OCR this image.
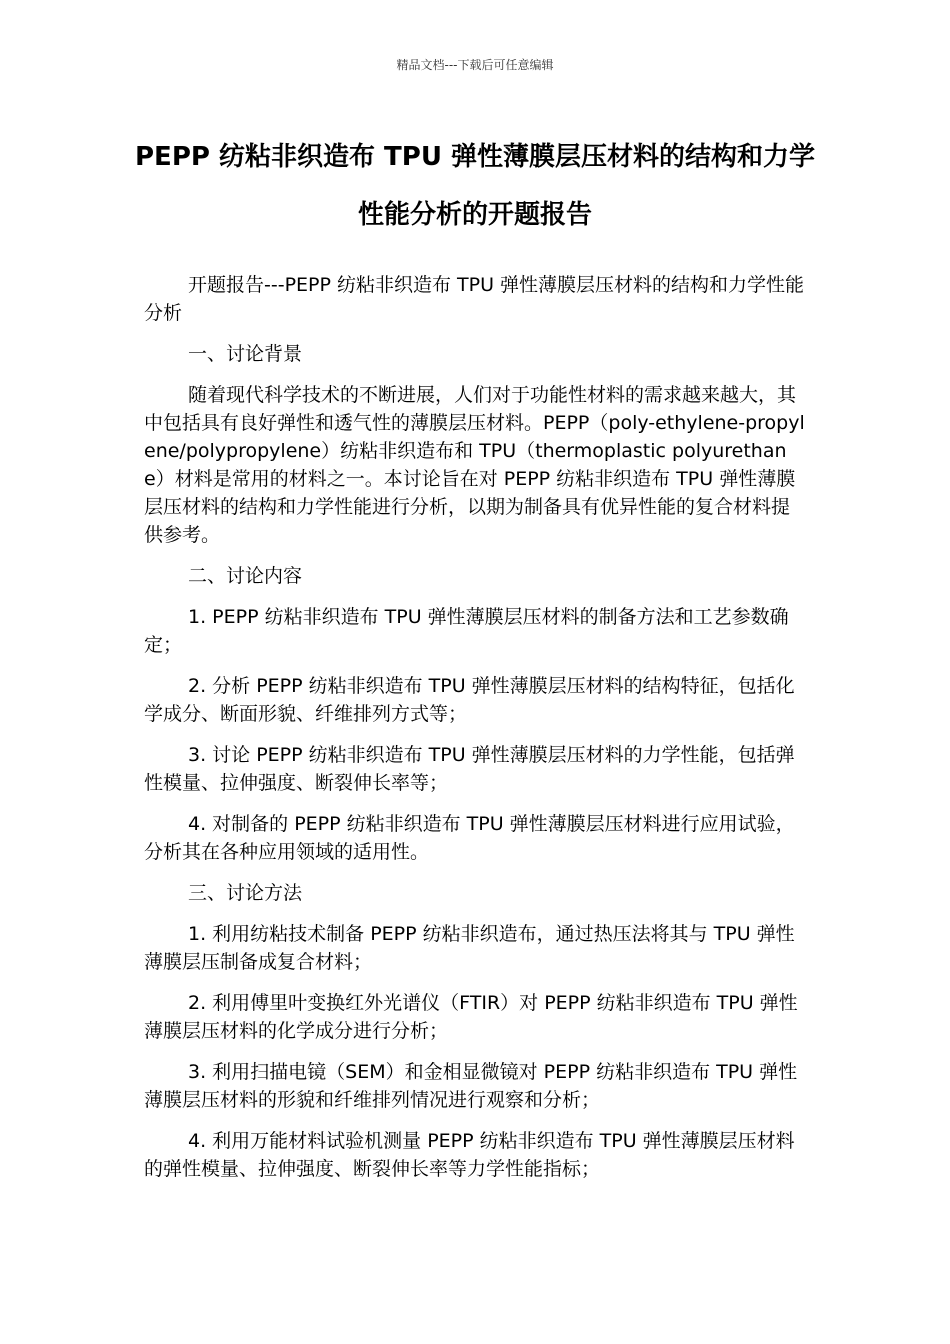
精品文档---下载后可任意编辑
PEPP 纺粘非织造布 TPU 弹性薄膜层压材料的结构和力学性能分析的开题报告

开题报告---PEPP 纺粘非织造布 TPU 弹性薄膜层压材料的结构和力学性能分析

一、讨论背景

随着现代科学技术的不断进展，人们对于功能性材料的需求越来越大，其中包括具有良好弹性和透气性的薄膜层压材料。PEPP（poly-ethylene-propylene/polypropylene）纺粘非织造布和 TPU（thermoplastic polyurethane）材料是常用的材料之一。本讨论旨在对 PEPP 纺粘非织造布 TPU 弹性薄膜层压材料的结构和力学性能进行分析，以期为制备具有优异性能的复合材料提供参考。

二、讨论内容

1. PEPP 纺粘非织造布 TPU 弹性薄膜层压材料的制备方法和工艺参数确定；

2. 分析 PEPP 纺粘非织造布 TPU 弹性薄膜层压材料的结构特征，包括化学成分、断面形貌、纤维排列方式等；

3. 讨论 PEPP 纺粘非织造布 TPU 弹性薄膜层压材料的力学性能，包括弹性模量、拉伸强度、断裂伸长率等；

4. 对制备的 PEPP 纺粘非织造布 TPU 弹性薄膜层压材料进行应用试验，分析其在各种应用领域的适用性。

三、讨论方法

1. 利用纺粘技术制备 PEPP 纺粘非织造布，通过热压法将其与 TPU 弹性薄膜层压制备成复合材料；

2. 利用傅里叶变换红外光谱仪（FTIR）对 PEPP 纺粘非织造布 TPU 弹性薄膜层压材料的化学成分进行分析；

3. 利用扫描电镜（SEM）和金相显微镜对 PEPP 纺粘非织造布 TPU 弹性薄膜层压材料的形貌和纤维排列情况进行观察和分析；

4. 利用万能材料试验机测量 PEPP 纺粘非织造布 TPU 弹性薄膜层压材料的弹性模量、拉伸强度、断裂伸长率等力学性能指标；
